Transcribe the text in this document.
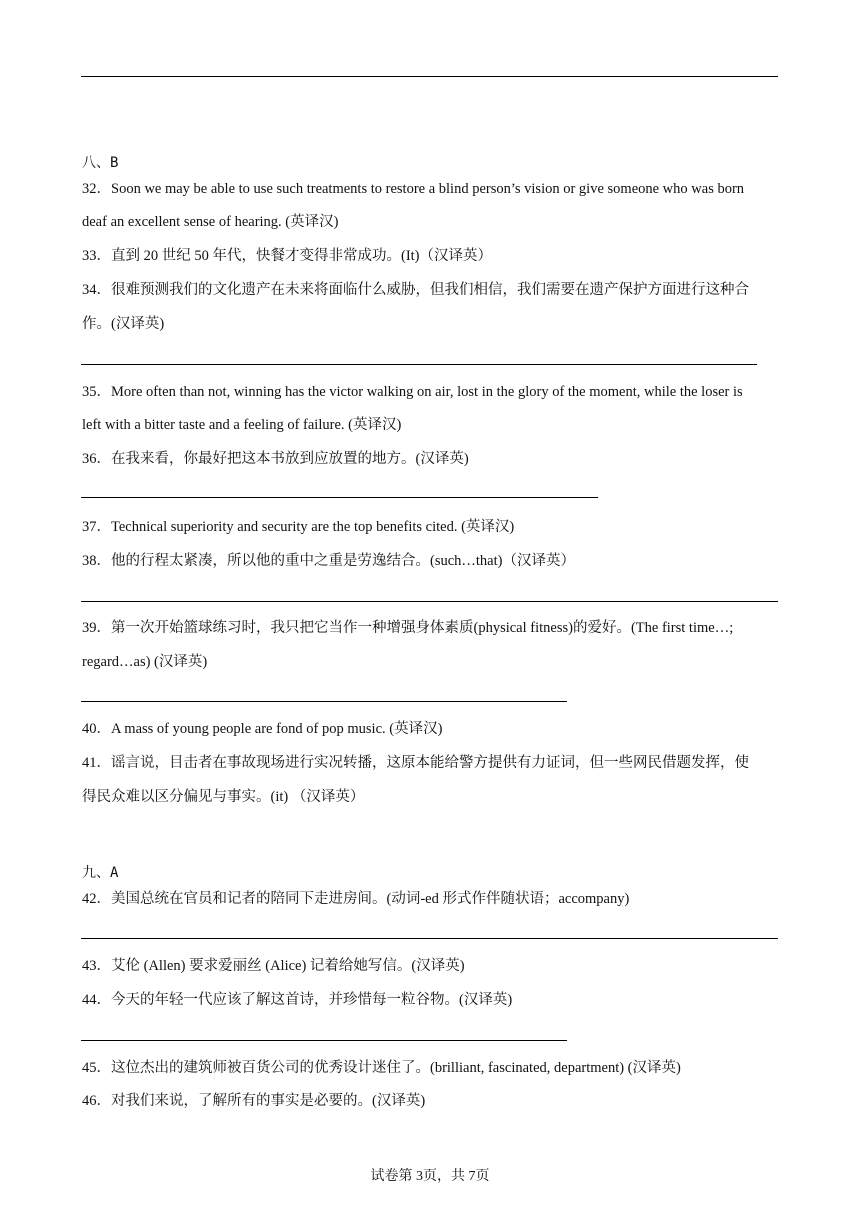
八、B
32．Soon we may be able to use such treatments to restore a blind person’s vision or give someone who was born
deaf an excellent sense of hearing. (英译汉)
33．直到 20 世纪 50 年代，快餐才变得非常成功。(It)（汉译英）
34．很难预测我们的文化遗产在未来将面临什么威胁，但我们相信，我们需要在遗产保护方面进行这种合
作。(汉译英)
35．More often than not, winning has the victor walking on air, lost in the glory of the moment, while the loser is
left with a bitter taste and a feeling of failure. (英译汉)
36．在我来看，你最好把这本书放到应放置的地方。(汉译英)
37．Technical superiority and security are the top benefits cited. (英译汉)
38．他的行程太紧凑，所以他的重中之重是劳逸结合。(such…that)（汉译英）
39．第一次开始篮球练习时，我只把它当作一种增强身体素质(physical fitness)的爱好。(The first time…;
regard…as) (汉译英)
40．A mass of young people are fond of pop music. (英译汉)
41．谣言说，目击者在事故现场进行实况转播，这原本能给警方提供有力证词，但一些网民借题发挥，使
得民众难以区分偏见与事实。(it) （汉译英）
九、A
42．美国总统在官员和记者的陪同下走进房间。(动词-ed 形式作伴随状语；accompany)
43．艾伦 (Allen) 要求爱丽丝 (Alice) 记着给她写信。(汉译英)
44．今天的年轻一代应该了解这首诗，并珍惜每一粒谷物。(汉译英)
45．这位杰出的建筑师被百货公司的优秀设计迷住了。(brilliant, fascinated, department) (汉译英)
46．对我们来说，了解所有的事实是必要的。(汉译英)
试卷第 3页，共 7页
